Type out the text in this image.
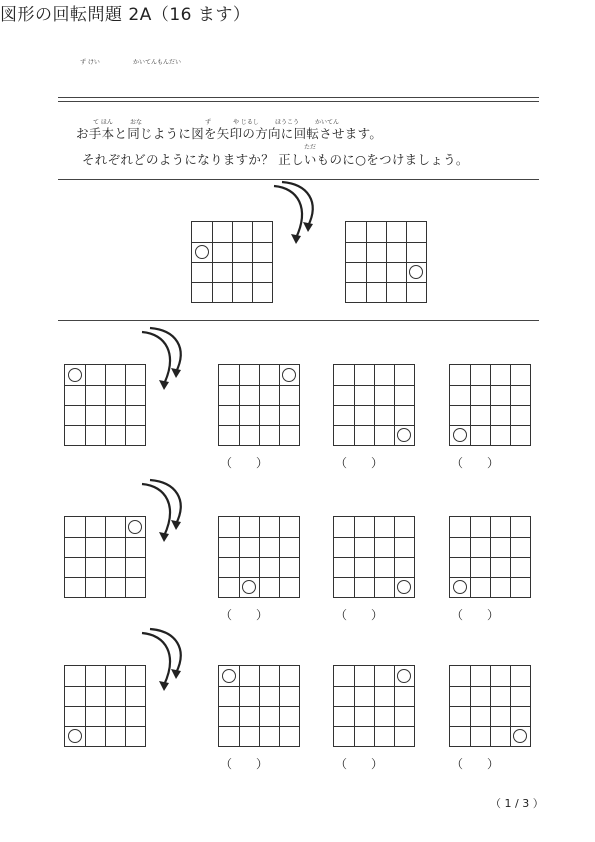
ず けい	かいてんもんだい
図形の回転問題 2A（16 ます）
て ほん	おな	ず	や じるし	ほうこう	かいてん
お手本と同じように図を矢印の方向に回転させます。
ただ
それぞれどのようになりますか？ 正しいものに○をつけましょう。
（　　）	（　　）	（　　）
（　　）	（　　）	（　　）
（　　）	（　　）	（　　）
（ 1 / 3 ）
